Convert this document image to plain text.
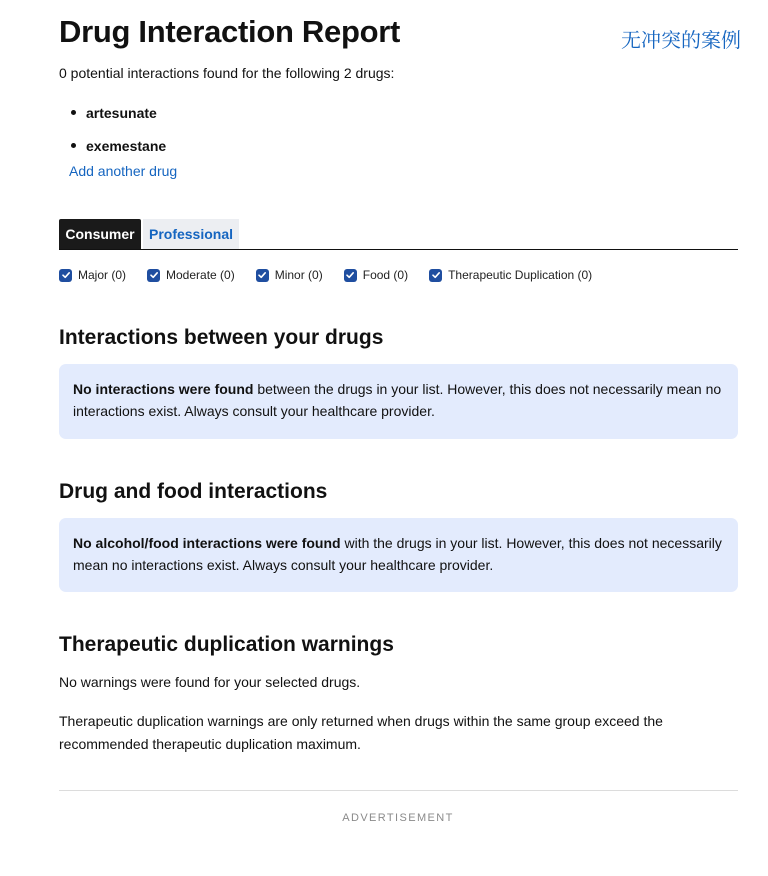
Drug Interaction Report	无冲突的案例

0 potential interactions found for the following 2 drugs:

artesunate
exemestane
Add another drug
Consumer	Professional
Major (0)	Moderate (0)	Minor (0)	Food (0)	Therapeutic Duplication (0)
Interactions between your drugs
No interactions were found between the drugs in your list. However, this does not necessarily mean no interactions exist. Always consult your healthcare provider.
Drug and food interactions
No alcohol/food interactions were found with the drugs in your list. However, this does not necessarily mean no interactions exist. Always consult your healthcare provider.
Therapeutic duplication warnings

No warnings were found for your selected drugs.

Therapeutic duplication warnings are only returned when drugs within the same group exceed the recommended therapeutic duplication maximum.

ADVERTISEMENT
